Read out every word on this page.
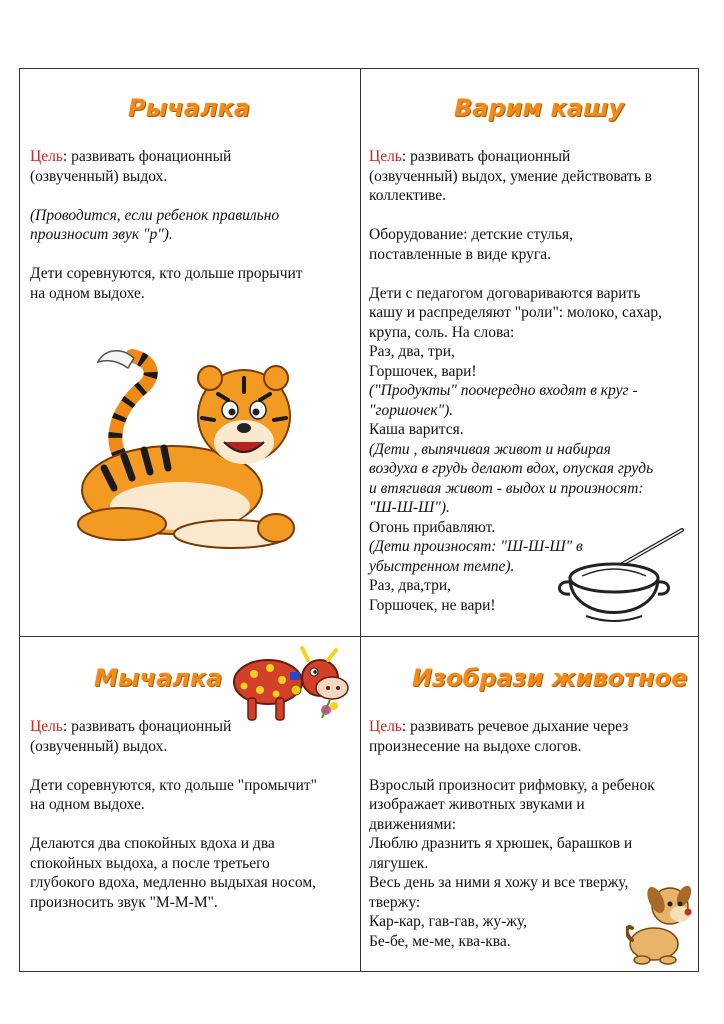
Рычалка

Цель: развивать фонационный

(озвученный) выдох.

(Проводится, если ребенок правильно

произносит звук "р").

Дети соревнуются, кто дольше прорычит

на одном выдохе.

Варим кашу

Цель: развивать фонационный

(озвученный) выдох, умение действовать в

коллективе.

Оборудование: детские стулья,

поставленные в виде круга.

Дети с педагогом договариваются варить

кашу и распределяют "роли": молоко, сахар,

крупа, соль. На слова:

Раз, два, три,

Горшочек, вари!

("Продукты" поочередно входят в круг -

"горшочек").

Каша варится.

(Дети , выпячивая живот и набирая

воздуха в грудь делают вдох, опуская грудь

и втягивая живот - выдох и произносят:

"Ш-Ш-Ш").

Огонь прибавляют.

(Дети произносят: "Ш-Ш-Ш" в

убыстренном темпе).

Раз, два,три,

Горшочек, не вари!

Мычалка

Цель: развивать фонационный

(озвученный) выдох.

Дети соревнуются, кто дольше "промычит"

на одном выдохе.

Делаются два спокойных вдоха и два

спокойных выдоха, а после третьего

глубокого вдоха, медленно выдыхая носом,

произносить звук "М-М-М".

Изобрази животное

Цель: развивать речевое дыхание через

произнесение на выдохе слогов.

Взрослый произносит рифмовку, а ребенок

изображает животных звуками и

движениями:

Люблю дразнить я хрюшек, барашков и

лягушек.

Весь день за ними я хожу и все твержу,

твержу:

Кар-кар, гав-гав, жу-жу,

Бе-бе, ме-ме, ква-ква.
